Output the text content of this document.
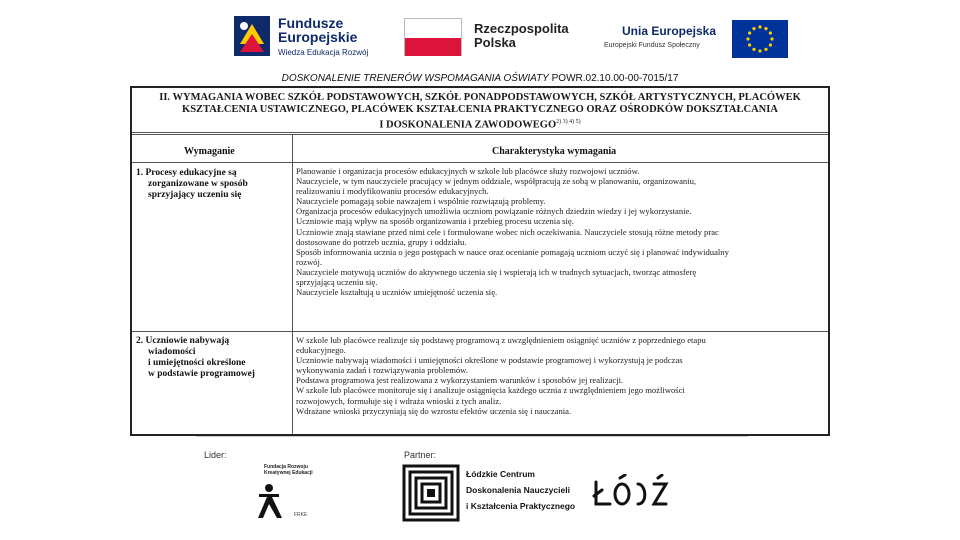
Fundusze
Europejskie
Wiedza Edukacja Rozwój
Rzeczpospolita
Polska
Unia Europejska
Europejski Fundusz Społeczny
DOSKONALENIE TRENERÓW WSPOMAGANIA OŚWIATY POWR.02.10.00-00-7015/17
II. WYMAGANIA WOBEC SZKÓŁ PODSTAWOWYCH, SZKÓŁ PONADPODSTAWOWYCH, SZKÓŁ ARTYSTYCZNYCH, PLACÓWEK
KSZTAŁCENIA USTAWICZNEGO, PLACÓWEK KSZTAŁCENIA PRAKTYCZNEGO ORAZ OŚRODKÓW DOKSZTAŁCANIA
I DOSKONALENIA $ZAWODOWEGO^{2) 3) 4) 5)}$
Wymaganie	Charakterystyka wymagania
1. Procesy edukacyjne są
zorganizowane w sposób
sprzyjający uczeniu się
Planowanie i organizacja procesów edukacyjnych w szkole lub placówce służy rozwojowi uczniów.
Nauczyciele, w tym nauczyciele pracujący w jednym oddziale, współpracują ze sobą w planowaniu, organizowaniu,
realizowaniu i modyfikowaniu procesów edukacyjnych.
Nauczyciele pomagają sobie nawzajem i wspólnie rozwiązują problemy.
Organizacja procesów edukacyjnych umożliwia uczniom powiązanie różnych dziedzin wiedzy i jej wykorzystanie.
Uczniowie mają wpływ na sposób organizowania i przebieg procesu uczenia się.
Uczniowie znają stawiane przed nimi cele i formułowane wobec nich oczekiwania. Nauczyciele stosują różne metody prac
dostosowane do potrzeb ucznia, grupy i oddziału.
Sposób informowania ucznia o jego postępach w nauce oraz ocenianie pomagają uczniom uczyć się i planować indywidualny
rozwój.
Nauczyciele motywują uczniów do aktywnego uczenia się i wspierają ich w trudnych sytuacjach, tworząc atmosferę
sprzyjającą uczeniu się.
Nauczyciele kształtują u uczniów umiejętność uczenia się.
2. Uczniowie nabywają
wiadomości
i umiejętności określone
w podstawie programowej
W szkole lub placówce realizuje się podstawę programową z uwzględnieniem osiągnięć uczniów z poprzedniego etapu
edukacyjnego.
Uczniowie nabywają wiadomości i umiejętności określone w podstawie programowej i wykorzystują je podczas
wykonywania zadań i rozwiązywania problemów.
Podstawa programowa jest realizowana z wykorzystaniem warunków i sposobów jej realizacji.
W szkole lub placówce monitoruje się i analizuje osiągnięcia każdego ucznia z uwzględnieniem jego możliwości
rozwojowych, formułuje się i wdraża wnioski z tych analiz.
Wdrażane wnioski przyczyniają się do wzrostu efektów uczenia się i nauczania.
Lider:	Partner:
Fundacja Rozwoju
Kreatywnej Edukacji
FRKE
Łódzkie Centrum
Doskonalenia Nauczycieli
i Kształcenia Praktycznego
